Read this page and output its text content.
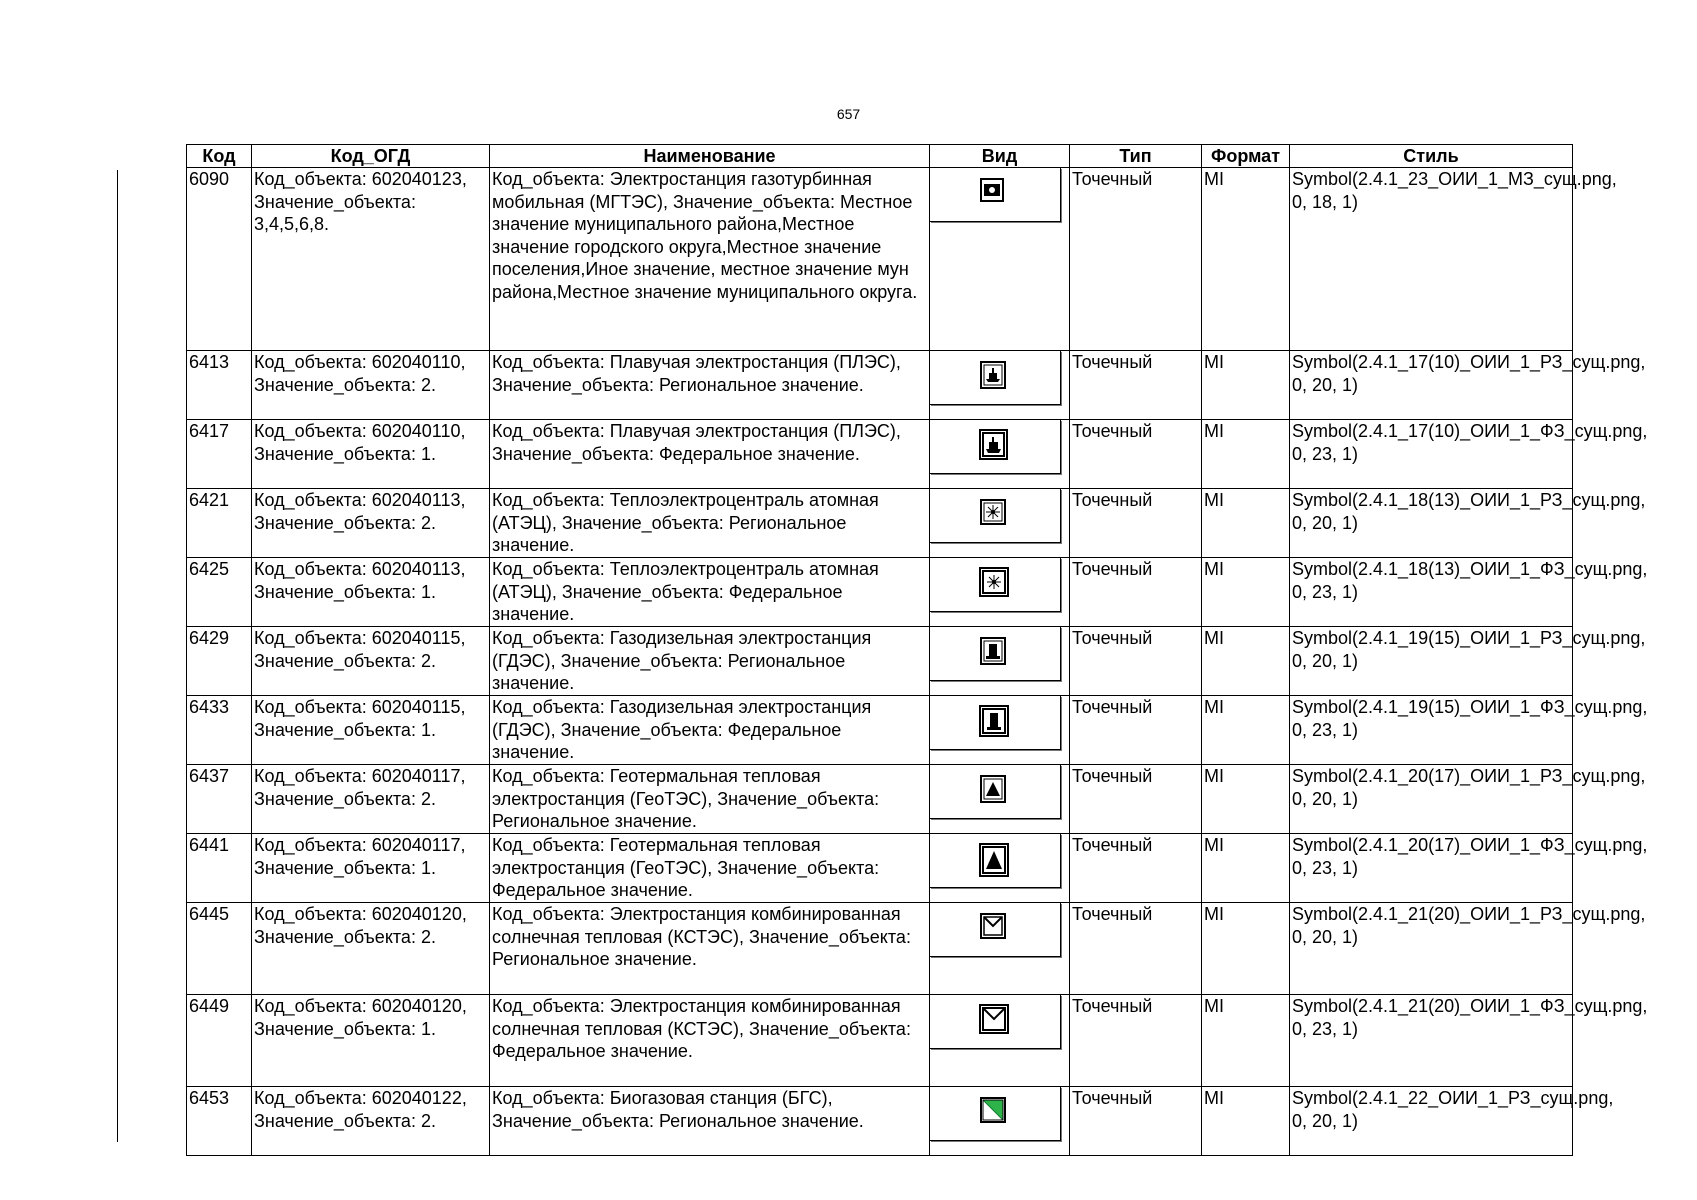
657
Код	Код_ОГД	Наименование	Вид	Тип	Формат	Стиль
6090	Код_объекта: 602040123, Значение_объекта: 3,4,5,6,8.	Код_объекта: Электростанция газотурбинная мобильная (МГТЭС), Значение_объекта: Местное значение муниципального района,Местное значение городского округа,Местное значение поселения,Иное значение, местное значение мун района,Местное значение муниципального округа.		Точечный	MI	Symbol(2.4.1_23_ОИИ_1_МЗ_сущ.png, 0, 18, 1)
6413	Код_объекта: 602040110, Значение_объекта: 2.	Код_объекта: Плавучая электростанция (ПЛЭС), Значение_объекта: Региональное значение.		Точечный	MI	Symbol(2.4.1_17(10)_ОИИ_1_РЗ_сущ.png, 0, 20, 1)
6417	Код_объекта: 602040110, Значение_объекта: 1.	Код_объекта: Плавучая электростанция (ПЛЭС), Значение_объекта: Федеральное значение.		Точечный	MI	Symbol(2.4.1_17(10)_ОИИ_1_ФЗ_сущ.png, 0, 23, 1)
6421	Код_объекта: 602040113, Значение_объекта: 2.	Код_объекта: Теплоэлектроцентраль атомная (АТЭЦ), Значение_объекта: Региональное значение.		Точечный	MI	Symbol(2.4.1_18(13)_ОИИ_1_РЗ_сущ.png, 0, 20, 1)
6425	Код_объекта: 602040113, Значение_объекта: 1.	Код_объекта: Теплоэлектроцентраль атомная (АТЭЦ), Значение_объекта: Федеральное значение.		Точечный	MI	Symbol(2.4.1_18(13)_ОИИ_1_ФЗ_сущ.png, 0, 23, 1)
6429	Код_объекта: 602040115, Значение_объекта: 2.	Код_объекта: Газодизельная электростанция (ГДЭС), Значение_объекта: Региональное значение.		Точечный	MI	Symbol(2.4.1_19(15)_ОИИ_1_РЗ_сущ.png, 0, 20, 1)
6433	Код_объекта: 602040115, Значение_объекта: 1.	Код_объекта: Газодизельная электростанция (ГДЭС), Значение_объекта: Федеральное значение.		Точечный	MI	Symbol(2.4.1_19(15)_ОИИ_1_ФЗ_сущ.png, 0, 23, 1)
6437	Код_объекта: 602040117, Значение_объекта: 2.	Код_объекта: Геотермальная тепловая электростанция (ГеоТЭС), Значение_объекта: Региональное значение.		Точечный	MI	Symbol(2.4.1_20(17)_ОИИ_1_РЗ_сущ.png, 0, 20, 1)
6441	Код_объекта: 602040117, Значение_объекта: 1.	Код_объекта: Геотермальная тепловая электростанция (ГеоТЭС), Значение_объекта: Федеральное значение.		Точечный	MI	Symbol(2.4.1_20(17)_ОИИ_1_ФЗ_сущ.png, 0, 23, 1)
6445	Код_объекта: 602040120, Значение_объекта: 2.	Код_объекта: Электростанция комбинированная солнечная тепловая (КСТЭС), Значение_объекта: Региональное значение.		Точечный	MI	Symbol(2.4.1_21(20)_ОИИ_1_РЗ_сущ.png, 0, 20, 1)
6449	Код_объекта: 602040120, Значение_объекта: 1.	Код_объекта: Электростанция комбинированная солнечная тепловая (КСТЭС), Значение_объекта: Федеральное значение.		Точечный	MI	Symbol(2.4.1_21(20)_ОИИ_1_ФЗ_сущ.png, 0, 23, 1)
6453	Код_объекта: 602040122, Значение_объекта: 2.	Код_объекта: Биогазовая станция (БГС), Значение_объекта: Региональное значение.		Точечный	MI	Symbol(2.4.1_22_ОИИ_1_РЗ_сущ.png, 0, 20, 1)
